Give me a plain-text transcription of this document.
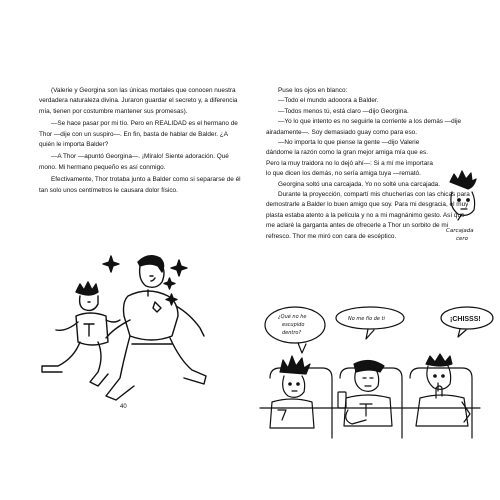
(Valerie y Georgina son las únicas mortales que conocen nuestra verdadera naturaleza divina. Juraron guardar el secreto y, a diferencia mía, tienen por costumbre mantener sus promesas).

—Se hace pasar por mi tío. Pero en REALIDAD es el hermano de Thor —dije con un suspiro—. En fin, basta de hablar de Balder. ¿A quién le importa Balder?

—A Thor —apuntó Georgina—. ¡Míralo! Siente adoración. Qué mono. Mi hermano pequeño es así conmigo.

Efectivamente, Thor trotaba junto a Balder como si separarse de él tan solo unos centímetros le causara dolor físico.

40

Puse los ojos en blanco:

—Todo el mundo adooora a Balder.

—Todos menos tú, está claro —dijo Georgina.

—Yo lo que intento es no seguirle la corriente a los demás —dije airadamente—. Soy demasiado guay como para eso.

—No importa lo que piense la gente —dijo Valerie dándome la razón como la gran mejor amiga mía que es. Pero la muy traidora no lo dejó ahí—: Si a mí me importara lo que dicen los demás, no sería amiga tuya —remató.

Georgina soltó una carcajada. Yo no solté una carcajada.

Durante la proyección, compartí mis chucherías con las chicas para demostrarle a Balder lo buen amigo que soy. Para mi desgracia, el muy plasta estaba atento a la película y no a mi magnánimo gesto. Así que me aclaré la garganta antes de ofrecerle a Thor un sorbito de mi refresco. Thor me miró con cara de escéptico.

Carcajada
cero
¿Qué no he
escupido
dentro?
No me fío de ti	¡CHISSS!
